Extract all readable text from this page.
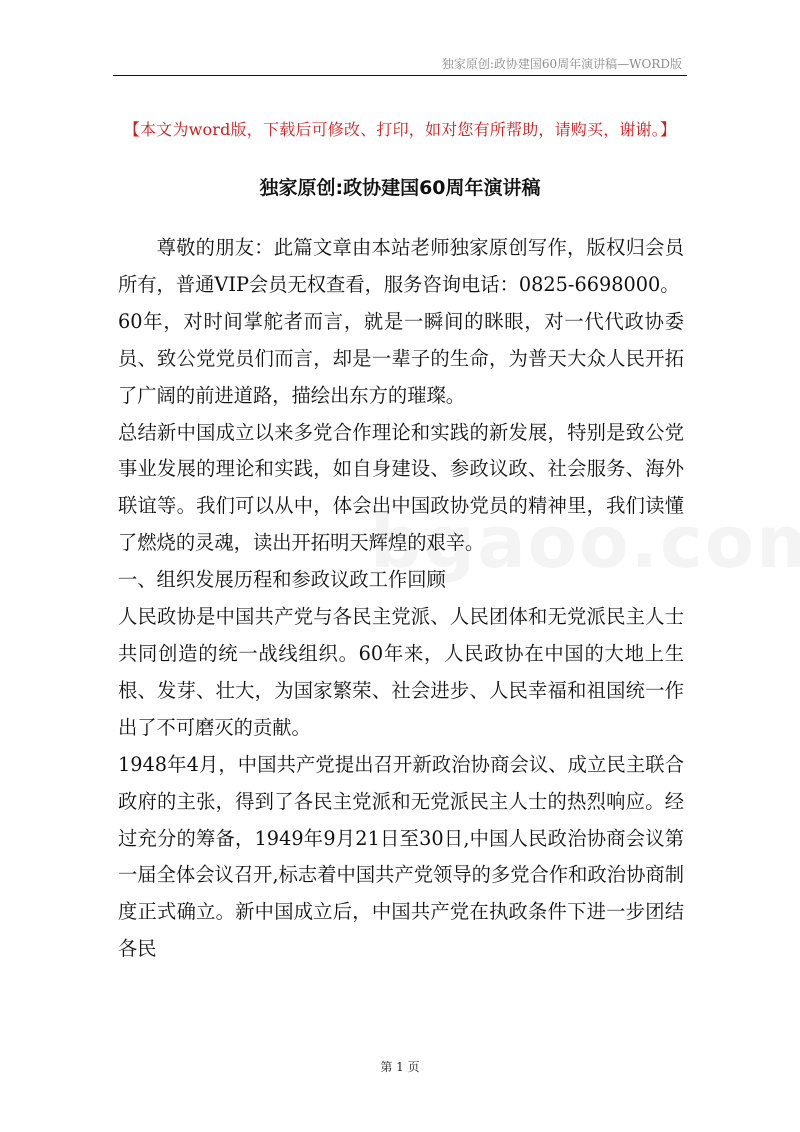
独家原创:政协建国60周年演讲稿—WORD版
【本文为word版，下载后可修改、打印，如对您有所帮助，请购买，谢谢。】
独家原创:政协建国60周年演讲稿

尊敬的朋友：此篇文章由本站老师独家原创写作，版权归会员所有，普通VIP会员无权查看，服务咨询电话：0825-6698000。

60年，对时间掌舵者而言，就是一瞬间的眯眼，对一代代政协委员、致公党党员们而言，却是一辈子的生命，为普天大众人民开拓了广阔的前进道路，描绘出东方的璀璨。

总结新中国成立以来多党合作理论和实践的新发展，特别是致公党事业发展的理论和实践，如自身建设、参政议政、社会服务、海外联谊等。我们可以从中，体会出中国政协党员的精神里，我们读懂了燃烧的灵魂，读出开拓明天辉煌的艰辛。

一、组织发展历程和参政议政工作回顾

人民政协是中国共产党与各民主党派、人民团体和无党派民主人士共同创造的统一战线组织。60年来，人民政协在中国的大地上生根、发芽、壮大，为国家繁荣、社会进步、人民幸福和祖国统一作出了不可磨灭的贡献。

1948年4月，中国共产党提出召开新政治协商会议、成立民主联合政府的主张，得到了各民主党派和无党派民主人士的热烈响应。经过充分的筹备，1949年9月21日至30日,中国人民政治协商会议第一届全体会议召开,标志着中国共产党领导的多党合作和政治协商制度正式确立。新中国成立后，中国共产党在执政条件下进一步团结各民

第 1 页
